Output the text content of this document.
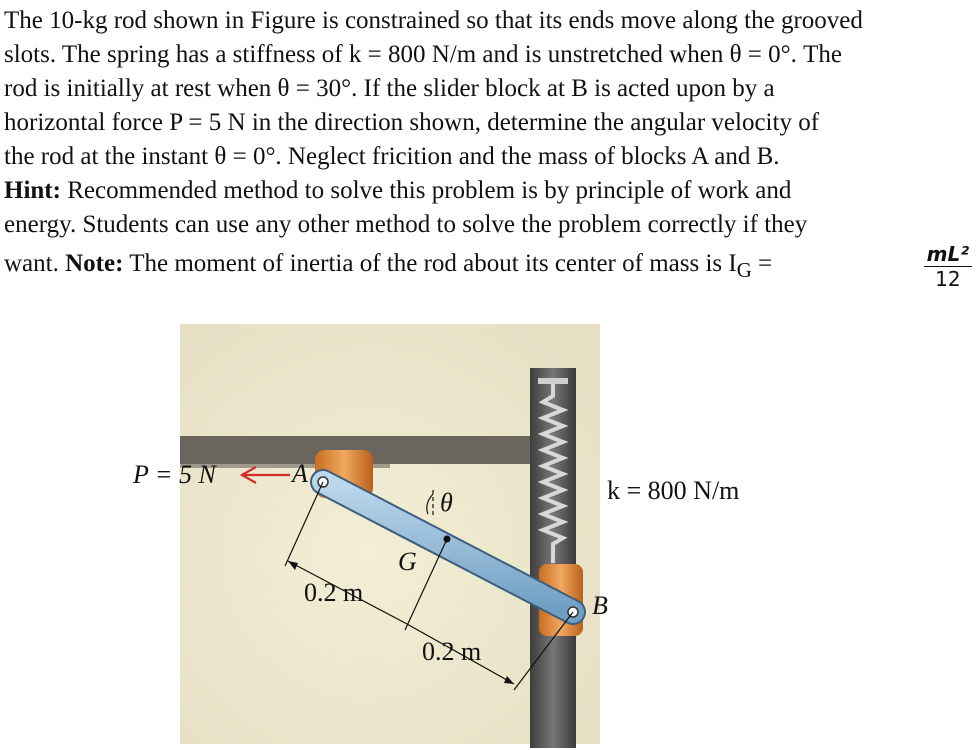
The 10-kg rod shown in Figure is constrained so that its ends move along the grooved

slots. The spring has a stiffness of k = 800 N/m and is unstretched when θ = 0°. The

rod is initially at rest when θ = 30°. If the slider block at B is acted upon by a

horizontal force P = 5 N in the direction shown, determine the angular velocity of

the rod at the instant θ = 0°. Neglect fricition and the mass of blocks A and B.

Hint: Recommended method to solve this problem is by principle of work and

energy. Students can use any other method to solve the problem correctly if they

want. Note: The moment of inertia of the rod about its center of mass is $I_G$ =	$\frac{\text{mL²}}{12}$
θ
P = 5 N	A
B
G
k = 800 N/m
0.2 m
0.2 m
